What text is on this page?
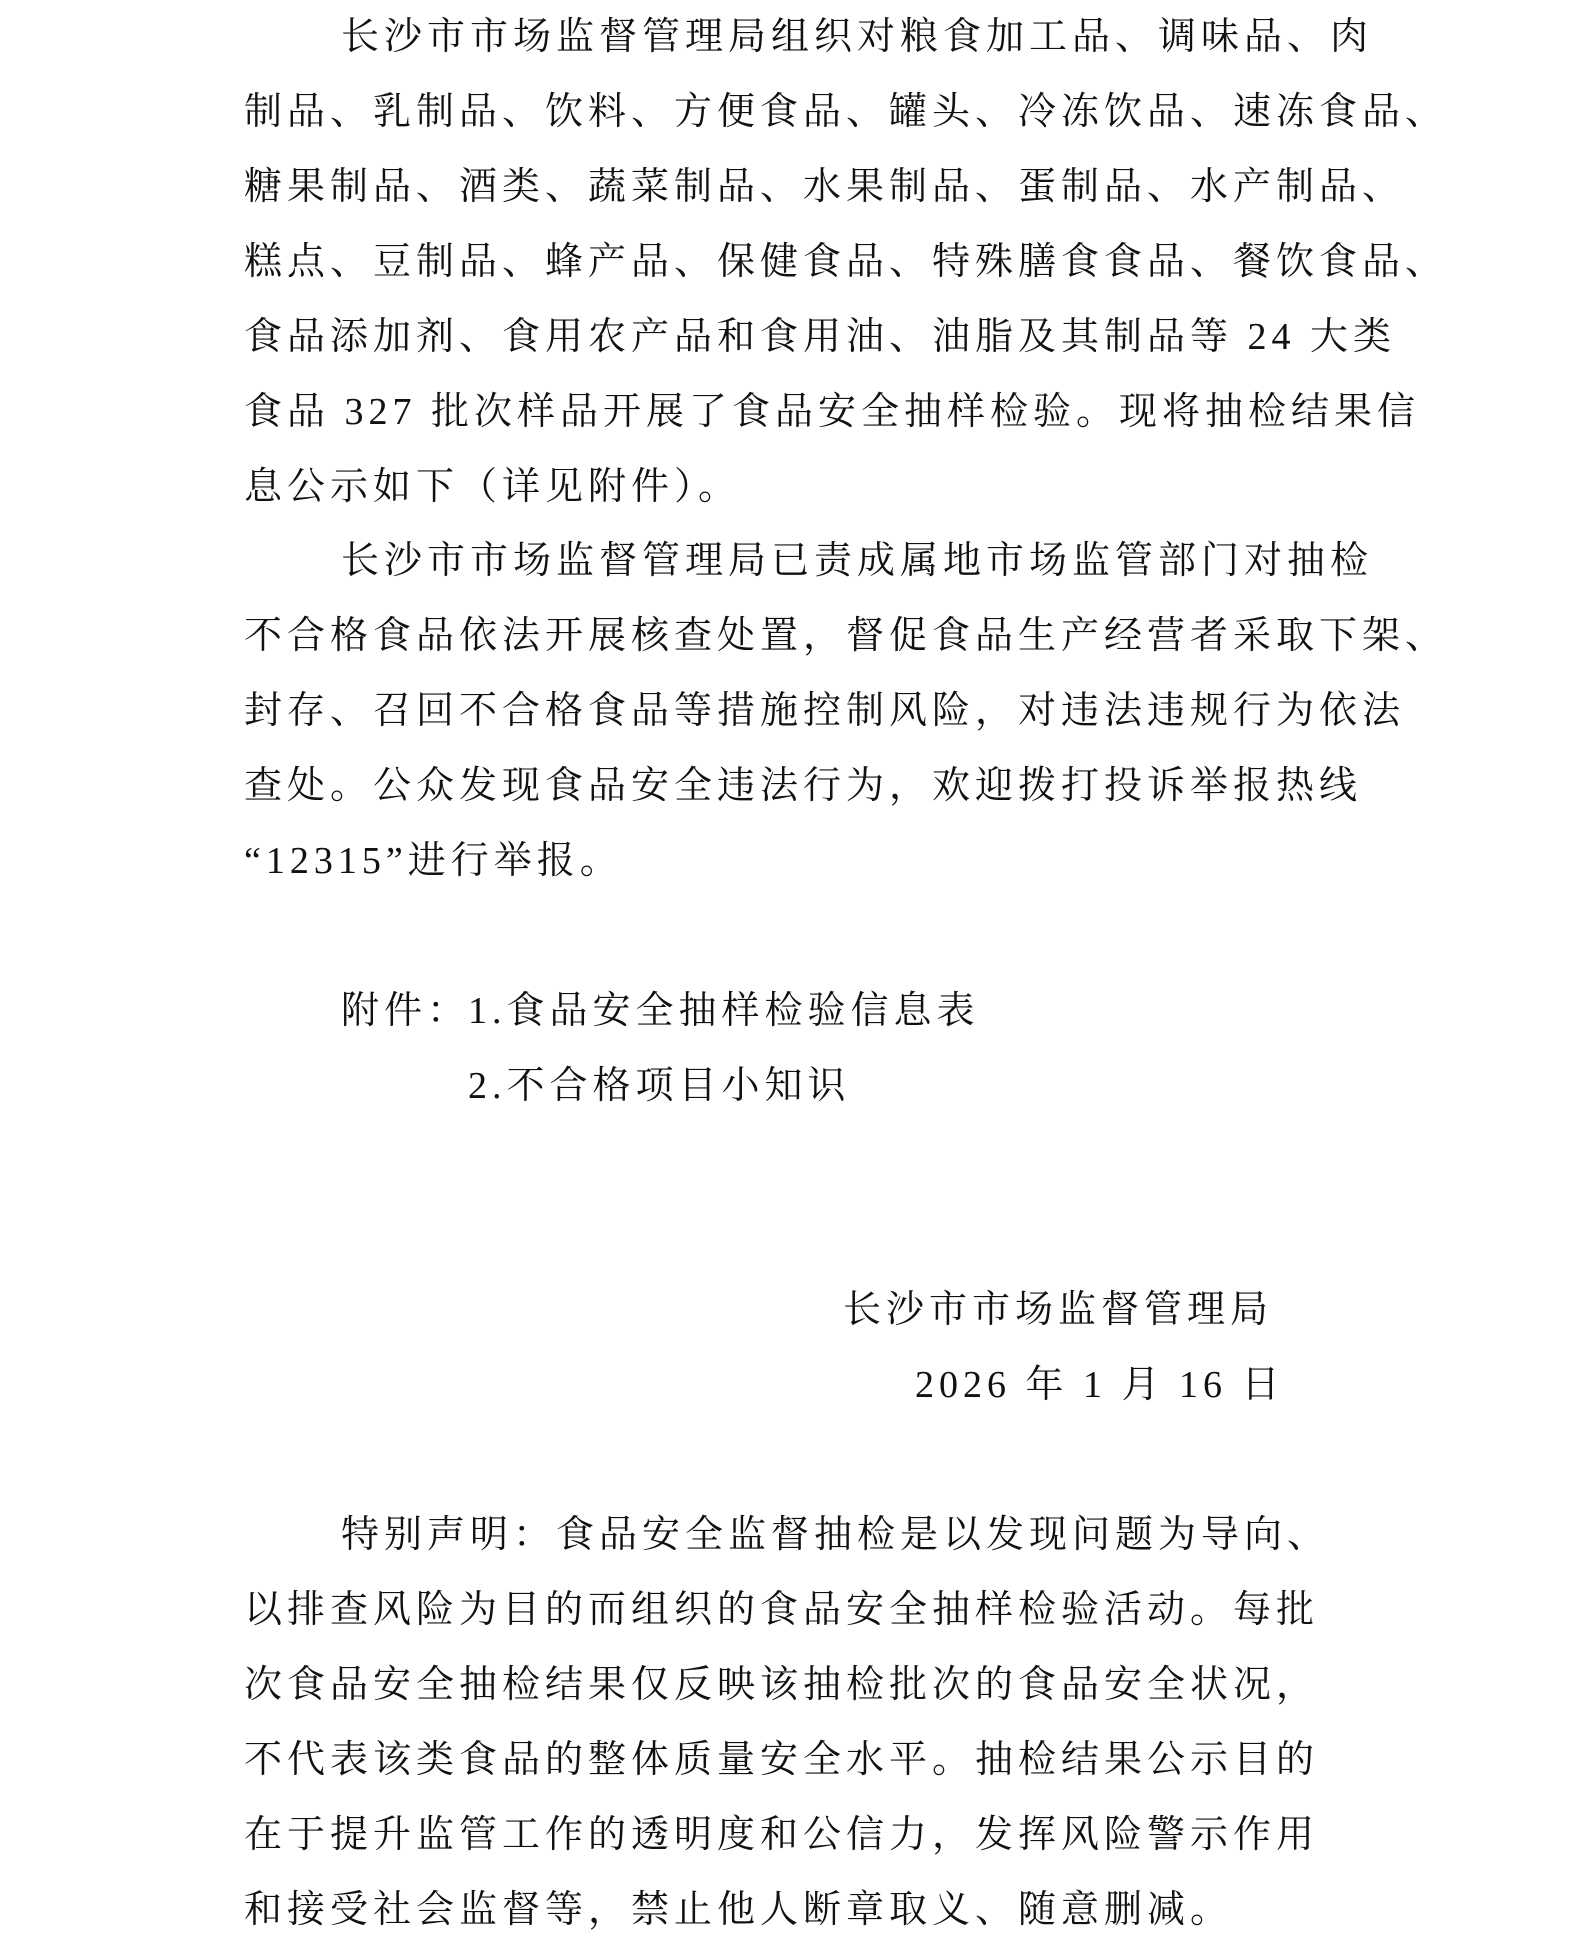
长沙市市场监督管理局组织对粮食加工品、调味品、肉
制品、乳制品、饮料、方便食品、罐头、冷冻饮品、速冻食品、
糖果制品、酒类、蔬菜制品、水果制品、蛋制品、水产制品、
糕点、豆制品、蜂产品、保健食品、特殊膳食食品、餐饮食品、
食品添加剂、食用农产品和食用油、油脂及其制品等 24 大类
食品 327 批次样品开展了食品安全抽样检验。现将抽检结果信
息公示如下（详见附件）。
长沙市市场监督管理局已责成属地市场监管部门对抽检
不合格食品依法开展核查处置，督促食品生产经营者采取下架、
封存、召回不合格食品等措施控制风险，对违法违规行为依法
查处。公众发现食品安全违法行为，欢迎拨打投诉举报热线
“12315”进行举报。
附件：
1.食品安全抽样检验信息表
2.不合格项目小知识
长沙市市场监督管理局
2026 年 1 月 16 日
特别声明：食品安全监督抽检是以发现问题为导向、
以排查风险为目的而组织的食品安全抽样检验活动。每批
次食品安全抽检结果仅反映该抽检批次的食品安全状况，
不代表该类食品的整体质量安全水平。抽检结果公示目的
在于提升监管工作的透明度和公信力，发挥风险警示作用
和接受社会监督等，禁止他人断章取义、随意删减。
